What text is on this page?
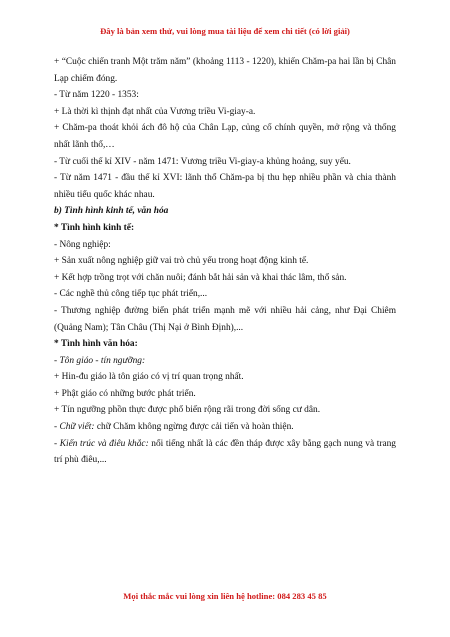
Đây là bản xem thử, vui lòng mua tài liệu để xem chi tiết (có lời giải)

+ “Cuộc chiến tranh Một trăm năm” (khoảng 1113 - 1220), khiến Chăm-pa hai lần bị Chân Lạp chiếm đóng.

- Từ năm 1220 - 1353:

+ Là thời kì thịnh đạt nhất của Vương triều Vi-giay-a.

+ Chăm-pa thoát khỏi ách đô hộ của Chân Lạp, củng cố chính quyền, mở rộng và thống nhất lãnh thổ,…

- Từ cuối thế kỉ XIV - năm 1471: Vương triều Vi-giay-a khủng hoảng, suy yếu.

- Từ năm 1471 - đầu thế kỉ XVI: lãnh thổ Chăm-pa bị thu hẹp nhiều phần và chia thành nhiều tiểu quốc khác nhau.

b) Tình hình kinh tế, văn hóa

* Tình hình kinh tế:

- Nông nghiệp:

+ Sản xuất nông nghiệp giữ vai trò chủ yếu trong hoạt động kinh tế.

+ Kết hợp trồng trọt với chăn nuôi; đánh bắt hải sản và khai thác lâm, thổ sản.

- Các nghề thủ công tiếp tục phát triển,...

- Thương nghiệp đường biển phát triển mạnh mẽ với nhiều hải cảng, như Đại Chiêm (Quảng Nam); Tân Châu (Thị Nại ở Bình Định),...

* Tình hình văn hóa:

- Tôn giáo - tín ngưỡng:

+ Hin-đu giáo là tôn giáo có vị trí quan trọng nhất.

+ Phật giáo có những bước phát triển.

+ Tín ngưỡng phồn thực được phổ biến rộng rãi trong đời sống cư dân.

- Chữ viết: chữ Chăm không ngừng được cải tiến và hoàn thiện.

- Kiến trúc và điêu khắc: nổi tiếng nhất là các đền tháp được xây bằng gạch nung và trang trí phù điêu,...

Mọi thắc mắc vui lòng xin liên hệ hotline: 084 283 45 85
